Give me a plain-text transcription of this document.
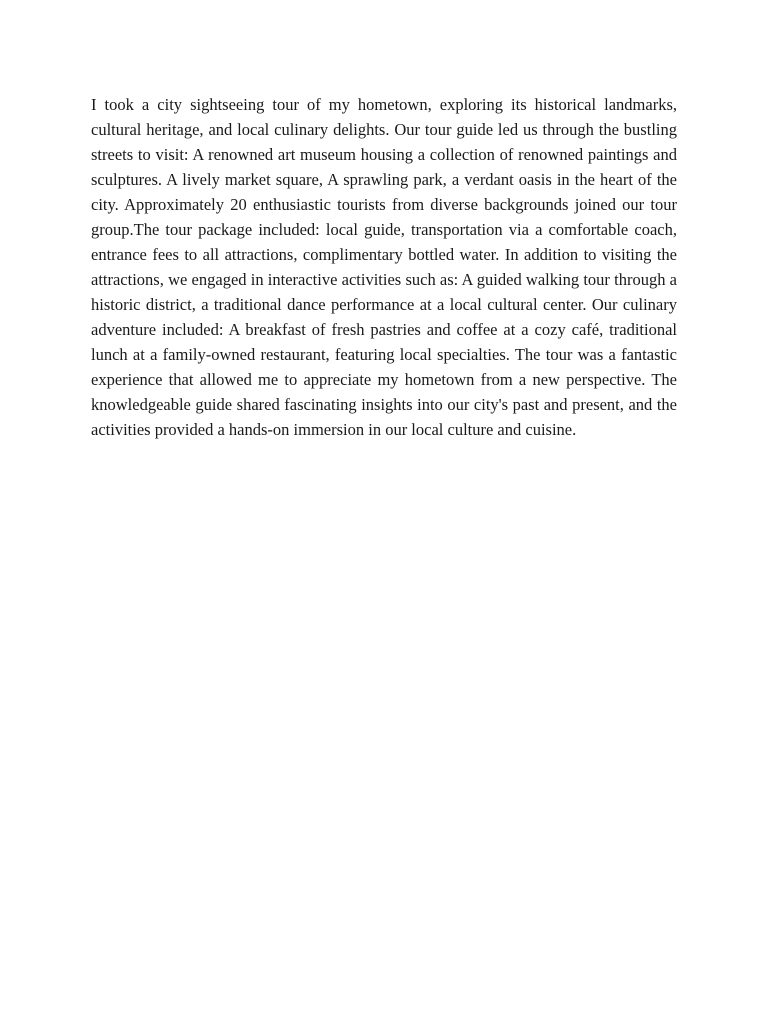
I took a city sightseeing tour of my hometown, exploring its historical landmarks, cultural heritage, and local culinary delights. Our tour guide led us through the bustling streets to visit: A renowned art museum housing a collection of renowned paintings and sculptures. A lively market square, A sprawling park, a verdant oasis in the heart of the city. Approximately 20 enthusiastic tourists from diverse backgrounds joined our tour group.The tour package included: local guide, transportation via a comfortable coach, entrance fees to all attractions, complimentary bottled water. In addition to visiting the attractions, we engaged in interactive activities such as: A guided walking tour through a historic district, a traditional dance performance at a local cultural center. Our culinary adventure included: A breakfast of fresh pastries and coffee at a cozy café, traditional lunch at a family-owned restaurant, featuring local specialties. The tour was a fantastic experience that allowed me to appreciate my hometown from a new perspective. The knowledgeable guide shared fascinating insights into our city's past and present, and the activities provided a hands-on immersion in our local culture and cuisine.
